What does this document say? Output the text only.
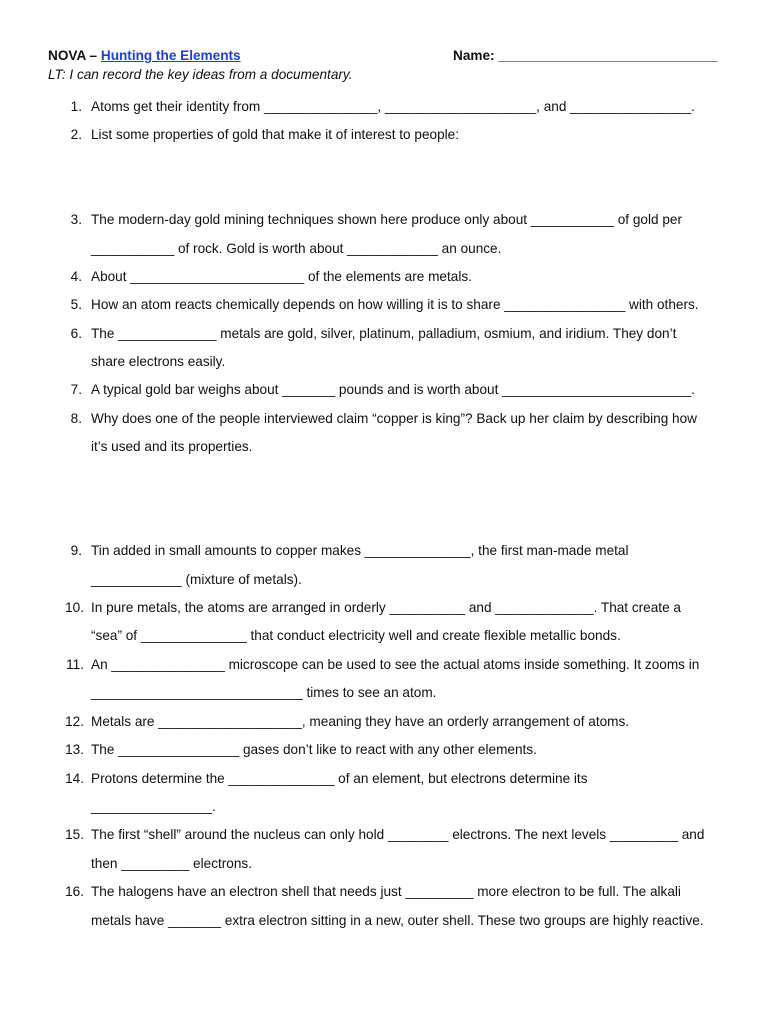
NOVA – Hunting the Elements	Name: _____________________________
LT: I can record the key ideas from a documentary.
1. Atoms get their identity from _______________, ____________________, and ________________.
2. List some properties of gold that make it of interest to people:
3. The modern-day gold mining techniques shown here produce only about ___________ of gold per
___________ of rock. Gold is worth about ____________ an ounce.
4. About _______________________ of the elements are metals.
5. How an atom reacts chemically depends on how willing it is to share ________________ with others.
6. The _____________ metals are gold, silver, platinum, palladium, osmium, and iridium. They don’t
share electrons easily.
7. A typical gold bar weighs about _______ pounds and is worth about _________________________.
8. Why does one of the people interviewed claim “copper is king”? Back up her claim by describing how
it’s used and its properties.
9. Tin added in small amounts to copper makes ______________, the first man-made metal
____________ (mixture of metals).
10. In pure metals, the atoms are arranged in orderly __________ and _____________. That create a
“sea” of ______________ that conduct electricity well and create flexible metallic bonds.
11. An _______________ microscope can be used to see the actual atoms inside something. It zooms in
____________________________ times to see an atom.
12. Metals are ___________________, meaning they have an orderly arrangement of atoms.
13. The ________________ gases don’t like to react with any other elements.
14. Protons determine the ______________ of an element, but electrons determine its
________________.
15. The first “shell” around the nucleus can only hold ________ electrons. The next levels _________ and
then _________ electrons.
16. The halogens have an electron shell that needs just _________ more electron to be full. The alkali
metals have _______ extra electron sitting in a new, outer shell. These two groups are highly reactive.
